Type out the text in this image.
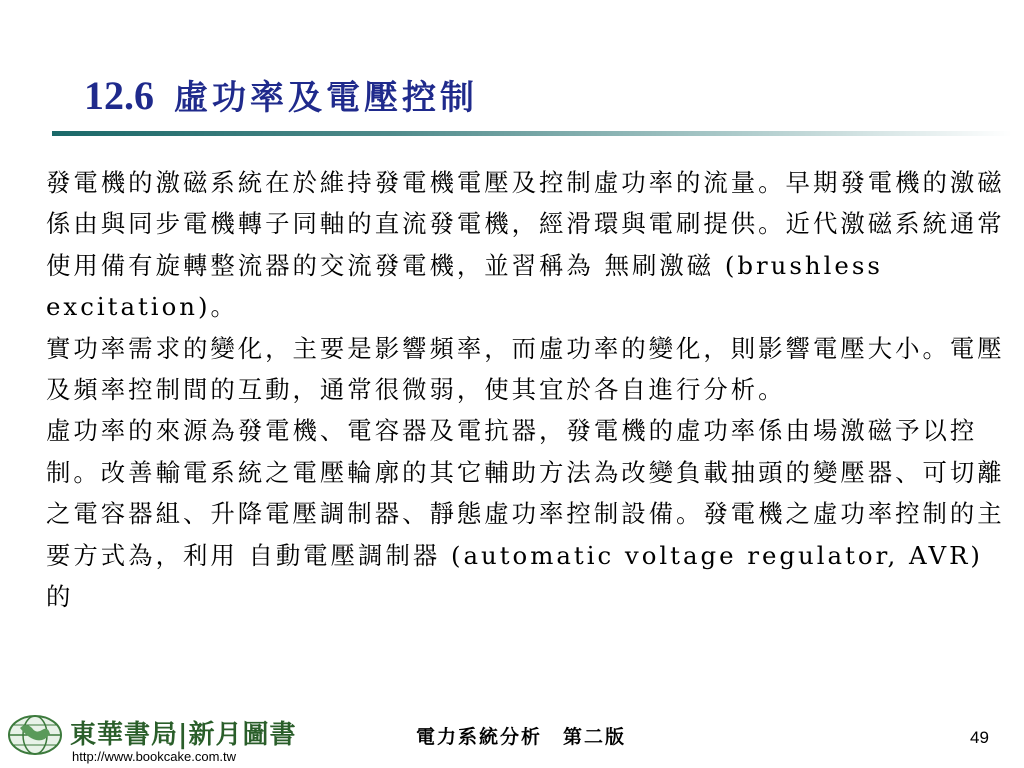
12.6 虛功率及電壓控制

發電機的激磁系統在於維持發電機電壓及控制虛功率的流量。早期發電機的激磁係由與同步電機轉子同軸的直流發電機，經滑環與電刷提供。近代激磁系統通常使用備有旋轉整流器的交流發電機，並習稱為 無刷激磁 (brushless excitation)。

實功率需求的變化，主要是影響頻率，而虛功率的變化，則影響電壓大小。電壓及頻率控制間的互動，通常很微弱，使其宜於各自進行分析。

虛功率的來源為發電機、電容器及電抗器，發電機的虛功率係由場激磁予以控制。改善輸電系統之電壓輪廓的其它輔助方法為改變負載抽頭的變壓器、可切離之電容器組、升降電壓調制器、靜態虛功率控制設備。發電機之虛功率控制的主要方式為，利用 自動電壓調制器 (automatic voltage regulator, AVR) 的

東華書局|新月圖書
http://www.bookcake.com.tw
電力系統分析　第二版	49
